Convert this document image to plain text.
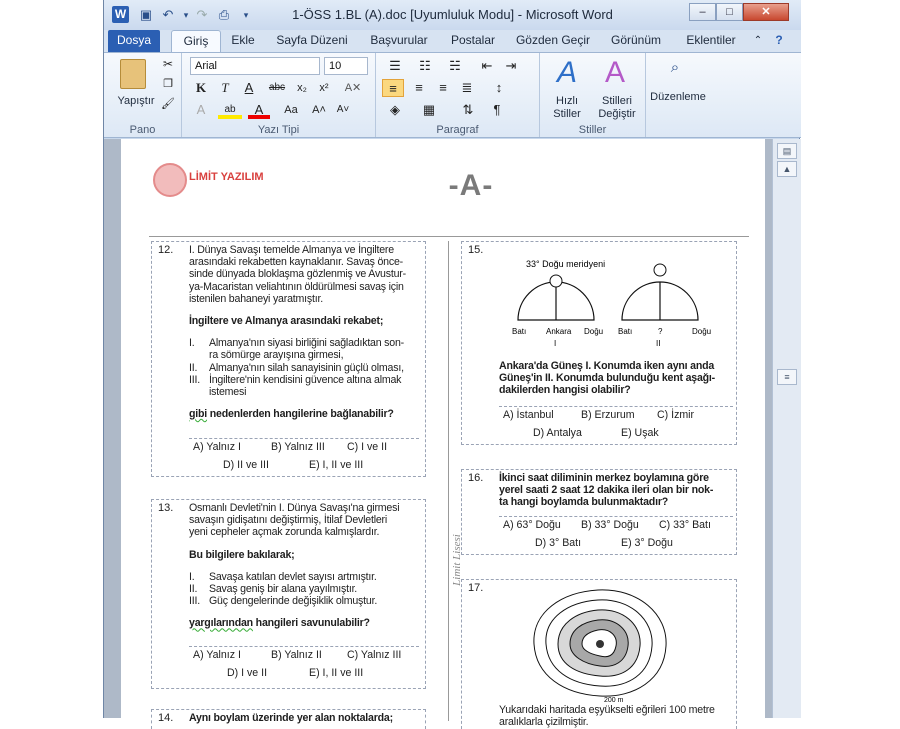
W ▣ ↶	▾ ↷ ⎙	▾	1-ÖSS 1.BL (A).doc [Uyumluluk Modu] - Microsoft Word	–	□	✕
Dosya	Giriş	Ekle Sayfa Düzeni	Başvurular	Postalar Gözden Geçir Görünüm	Eklentiler	⌃	?
Yapıştır
✂
❐
🖌
Pano
Arial	10
K	T	A	abc	x₂	x²	A✕
A	ab	A	Aa	A˄	A˅
Yazı Tipi
☰	☷	☵	⇤	⇥
≡	≡	≡	≣	↕
◈	▦	⇅	¶
Paragraf
A
Hızlı
Stiller
A
Stilleri
Değiştir
Stiller
⌕
Düzenleme
LİMİT YAZILIM	-A-
Limit Lisesi
12. I. Dünya Savaşı temelde Almanya ve İngiltere

arasındaki rekabetten kaynaklanır. Savaş önce-

sinde dünyada bloklaşma gözlenmiş ve Avustur-

ya-Macaristan veliahtının öldürülmesi savaş için

istenilen bahaneyi yaratmıştır.

İngiltere ve Almanya arasındaki rekabet;

I.	Almanya'nın siyasi birliğini sağladıktan son-
ra sömürge arayışına girmesi,
II.	Almanya'nın silah sanayisinin güçlü olması,
III. İngiltere'nin kendisini güvence altına almak
istemesi

gibi nedenlerden hangilerine bağlanabilir?

A) Yalnız I	B) Yalnız III C) I ve II
D) II ve III	E) I, II ve III
13. Osmanlı Devleti'nin I. Dünya Savaşı'na girmesi

savaşın gidişatını değiştirmiş, İtilaf Devletleri

yeni cepheler açmak zorunda kalmışlardır.

Bu bilgilere bakılarak;

I.	Savaşa katılan devlet sayısı artmıştır.
II.	Savaş geniş bir alana yayılmıştır.
III. Güç dengelerinde değişiklik olmuştur.

yargılarından hangileri savunulabilir?

A) Yalnız I	B) Yalnız II C) Yalnız III
D) I ve II	E) I, II ve III
14. Aynı boylam üzerinde yer alan noktalarda;
15.
33° Doğu meridyeni
Batı Ankara Doğu
I
Batı	?	Doğu
II

Ankara'da Güneş I. Konumda iken aynı anda

Güneş'in II. Konumda bulunduğu kent aşağı-

dakilerden hangisi olabilir?

A) İstanbul	B) Erzurum C) İzmir
D) Antalya	E) Uşak
16. İkinci saat diliminin merkez boylamına göre

yerel saati 2 saat 12 dakika ileri olan bir nok-

ta hangi boylamda bulunmaktadır?

A) 63° Doğu B) 33° Doğu C) 33° Batı
D) 3° Batı	E) 3° Doğu
17.
200 m

Yukarıdaki haritada eşyükselti eğrileri 100 metre

aralıklarla çizilmiştir.

▤
▲
≡
